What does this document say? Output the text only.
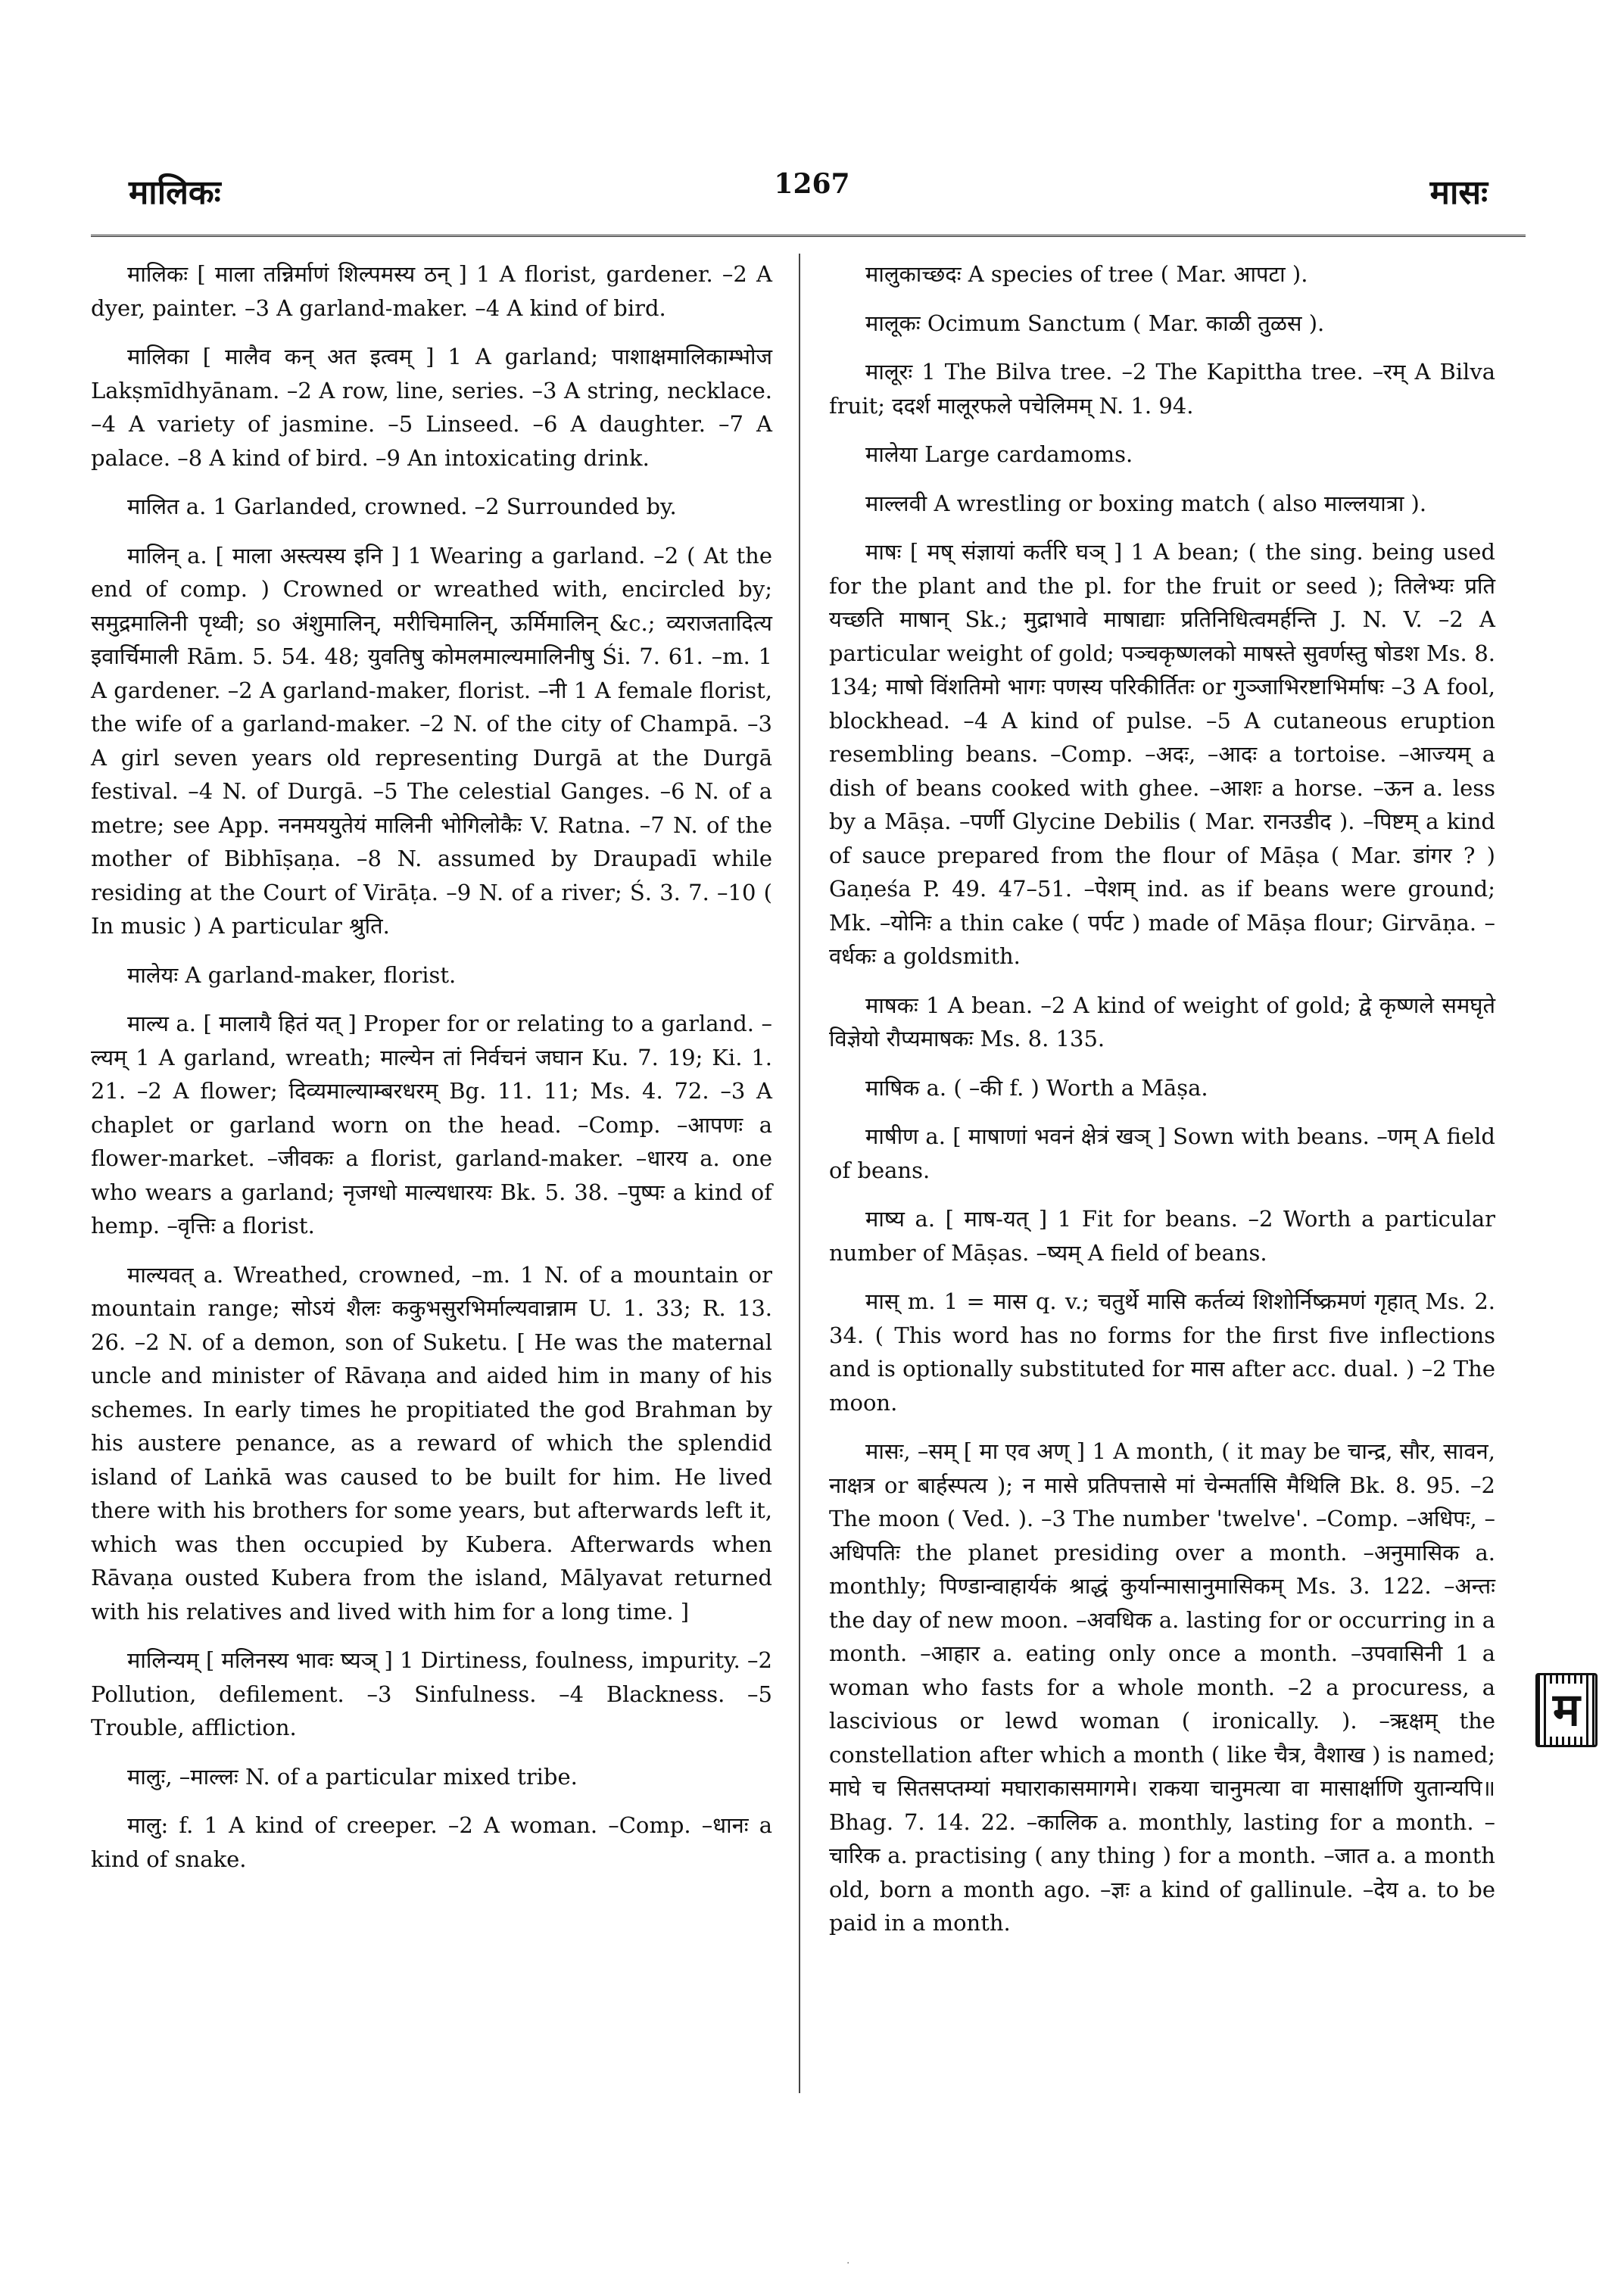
मालिकः	1267	मासः

मालिकः [ माला तन्निर्माणं शिल्पमस्य ठन् ] 1 A florist, gardener. –2 A dyer, painter. –3 A garland-maker. –4 A kind of bird.

मालिका [ मालैव कन् अत इत्वम् ] 1 A garland; पाशाक्षमालिकाम्भोज Lakṣmīdhyānam. –2 A row, line, series. –3 A string, necklace. –4 A variety of jasmine. –5 Linseed. –6 A daughter. –7 A palace. –8 A kind of bird. –9 An intoxicating drink.

मालित a. 1 Garlanded, crowned. –2 Surrounded by.

मालिन् a. [ माला अस्त्यस्य इनि ] 1 Wearing a garland. –2 ( At the end of comp. ) Crowned or wreathed with, encircled by; समुद्रमालिनी पृथ्वी; so अंशुमालिन्, मरीचिमालिन्, ऊर्मिमालिन् &c.; व्यराजतादित्य इवार्चिमाली Rām. 5. 54. 48; युवतिषु कोमलमाल्यमालिनीषु Śi. 7. 61. –m. 1 A gardener. –2 A garland-maker, florist. –नी 1 A female florist, the wife of a garland-maker. –2 N. of the city of Champā. –3 A girl seven years old representing Durgā at the Durgā festival. –4 N. of Durgā. –5 The celestial Ganges. –6 N. of a metre; see App. ननमययुतेयं मालिनी भोगिलोकैः V. Ratna. –7 N. of the mother of Bibhīṣaṇa. –8 N. assumed by Draupadī while residing at the Court of Virāṭa. –9 N. of a river; Ś. 3. 7. –10 ( In music ) A particular श्रुति.

मालेयः A garland-maker, florist.

माल्य a. [ मालायै हितं यत् ] Proper for or relating to a garland. –ल्यम् 1 A garland, wreath; माल्येन तां निर्वचनं जघान Ku. 7. 19; Ki. 1. 21. –2 A flower; दिव्यमाल्याम्बरधरम् Bg. 11. 11; Ms. 4. 72. –3 A chaplet or garland worn on the head. –Comp. –आपणः a flower-market. –जीवकः a florist, garland-maker. –धारय a. one who wears a garland; नृजग्धो माल्यधारयः Bk. 5. 38. –पुष्पः a kind of hemp. –वृत्तिः a florist.

माल्यवत् a. Wreathed, crowned, –m. 1 N. of a mountain or mountain range; सोऽयं शैलः ककुभसुरभिर्माल्यवान्नाम U. 1. 33; R. 13. 26. –2 N. of a demon, son of Suketu. [ He was the maternal uncle and minister of Rāvaṇa and aided him in many of his schemes. In early times he propitiated the god Brahman by his austere penance, as a reward of which the splendid island of Laṅkā was caused to be built for him. He lived there with his brothers for some years, but afterwards left it, which was then occupied by Kubera. Afterwards when Rāvaṇa ousted Kubera from the island, Mālyavat returned with his relatives and lived with him for a long time. ]

मालिन्यम् [ मलिनस्य भावः ष्यञ् ] 1 Dirtiness, foulness, impurity. –2 Pollution, defilement. –3 Sinfulness. –4 Blackness. –5 Trouble, affliction.

मालुः, –माल्लः N. of a particular mixed tribe.

मालु: f. 1 A kind of creeper. –2 A woman. –Comp. –धानः a kind of snake.

मालुकाच्छदः A species of tree ( Mar. आपटा ).

मालूकः Ocimum Sanctum ( Mar. काळी तुळस ).

मालूरः 1 The Bilva tree. –2 The Kapittha tree. –रम् A Bilva fruit; ददर्श मालूरफले पचेलिमम् N. 1. 94.

मालेया Large cardamoms.

माल्लवी A wrestling or boxing match ( also माल्लयात्रा ).

माषः [ मष् संज्ञायां कर्तरि घञ् ] 1 A bean; ( the sing. being used for the plant and the pl. for the fruit or seed ); तिलेभ्यः प्रति यच्छति माषान् Sk.; मुद्राभावे माषाद्याः प्रतिनिधित्वमर्हन्ति J. N. V. –2 A particular weight of gold; पञ्चकृष्णलको माषस्ते सुवर्णस्तु षोडश Ms. 8. 134; माषो विंशतिमो भागः पणस्य परिकीर्तितः or गुञ्जाभिरष्टाभिर्माषः –3 A fool, blockhead. –4 A kind of pulse. –5 A cutaneous eruption resembling beans. –Comp. –अदः, –आदः a tortoise. –आज्यम् a dish of beans cooked with ghee. –आशः a horse. –ऊन a. less by a Māṣa. –पर्णी Glycine Debilis ( Mar. रानउडीद ). –पिष्टम् a kind of sauce prepared from the flour of Māṣa ( Mar. डांगर ? ) Gaṇeśa P. 49. 47–51. –पेशम् ind. as if beans were ground; Mk. –योनिः a thin cake ( पर्पट ) made of Māṣa flour; Girvāṇa. –वर्धकः a goldsmith.

माषकः 1 A bean. –2 A kind of weight of gold; द्वे कृष्णले समघृते विज्ञेयो रौप्यमाषकः Ms. 8. 135.

माषिक a. ( –की f. ) Worth a Māṣa.

माषीण a. [ माषाणां भवनं क्षेत्रं खञ् ] Sown with beans. –णम् A field of beans.

माष्य a. [ माष-यत् ] 1 Fit for beans. –2 Worth a particular number of Māṣas. –ष्यम् A field of beans.

मास् m. 1 = मास q. v.; चतुर्थे मासि कर्तव्यं शिशोर्निष्क्रमणं गृहात् Ms. 2. 34. ( This word has no forms for the first five inflections and is optionally substituted for मास after acc. dual. ) –2 The moon.

मासः, –सम् [ मा एव अण् ] 1 A month, ( it may be चान्द्र, सौर, सावन, नाक्षत्र or बार्हस्पत्य ); न मासे प्रतिपत्तासे मां चेन्मर्तासि मैथिलि Bk. 8. 95. –2 The moon ( Ved. ). –3 The number 'twelve'. –Comp. –अधिपः, –अधिपतिः the planet presiding over a month. –अनुमासिक a. monthly; पिण्डान्वाहार्यकं श्राद्धं कुर्यान्मासानुमासिकम् Ms. 3. 122. –अन्तः the day of new moon. –अवधिक a. lasting for or occurring in a month. –आहार a. eating only once a month. –उपवासिनी 1 a woman who fasts for a whole month. –2 a procuress, a lascivious or lewd woman ( ironically. ). –ऋक्षम् the constellation after which a month ( like चैत्र, वैशाख ) is named; माघे च सितसप्तम्यां मघाराकासमागमे। राकया चानुमत्या वा मासार्क्षाणि युतान्यपि॥ Bhag. 7. 14. 22. –कालिक a. monthly, lasting for a month. –चारिक a. practising ( any thing ) for a month. –जात a. a month old, born a month ago. –ज्ञः a kind of gallinule. –देय a. to be paid in a month.

म
·
